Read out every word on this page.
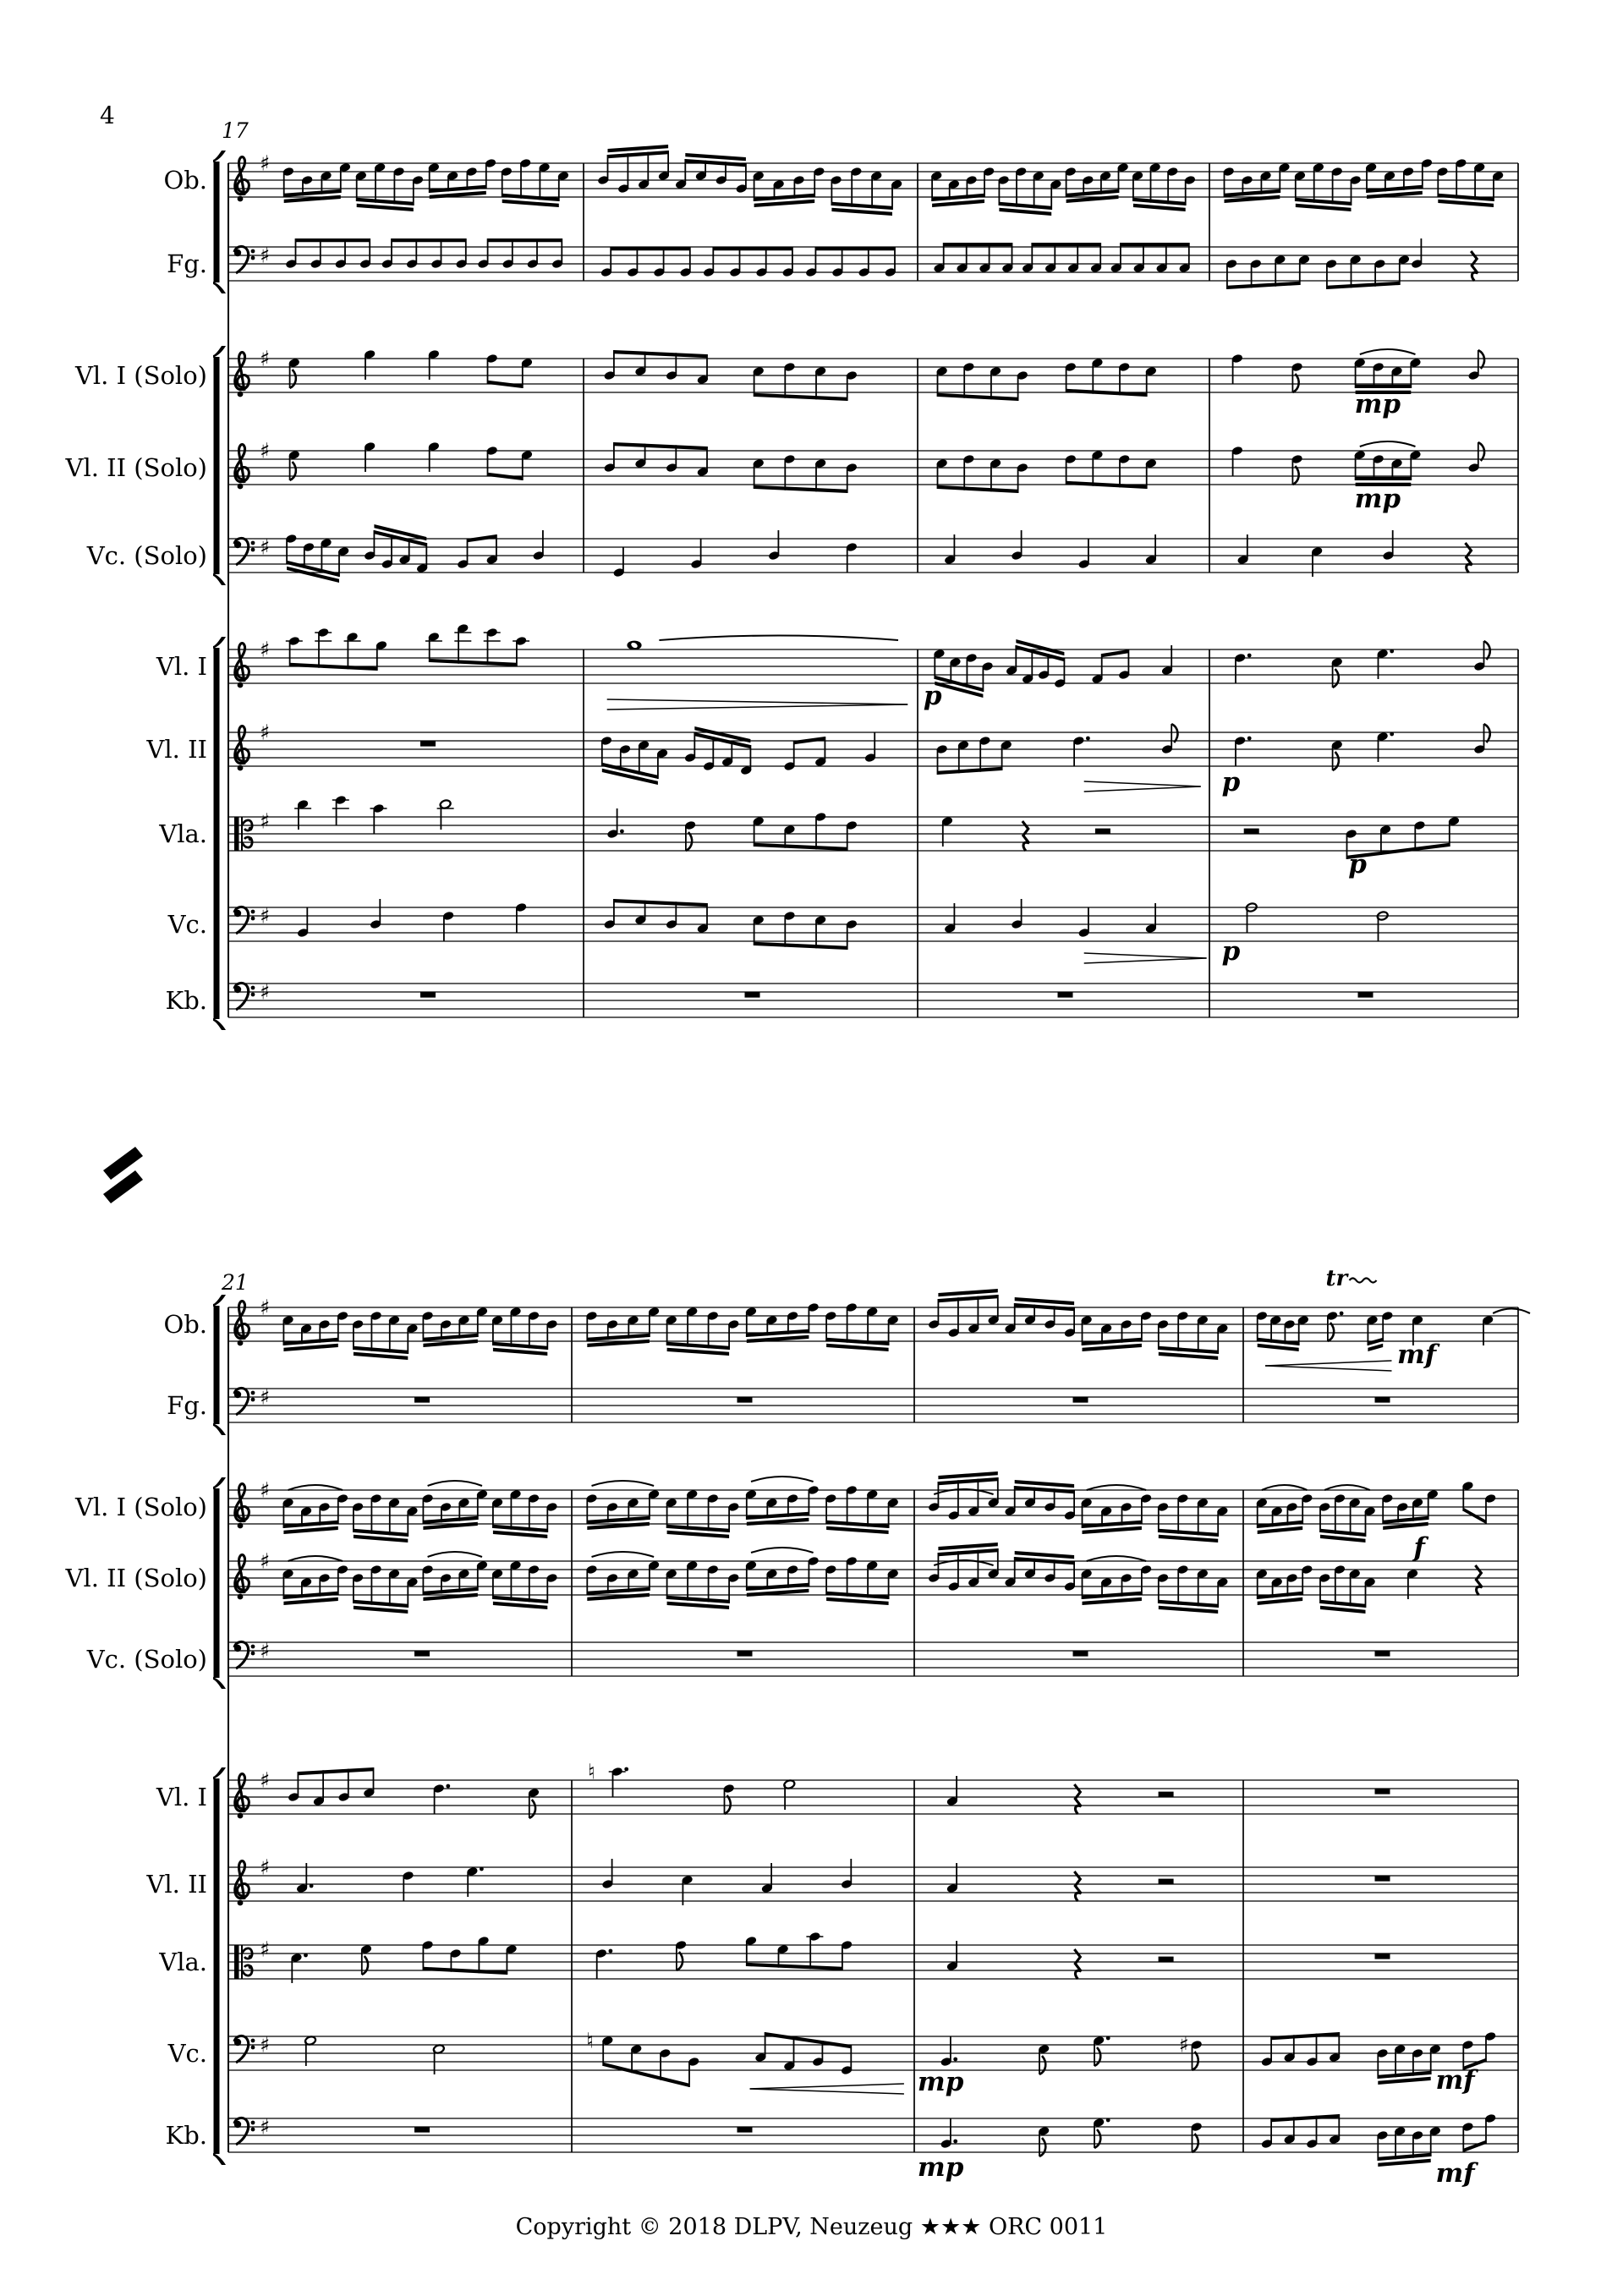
♯
♯
♯
♯
♯
♯
♯
♯
♯
♯
mp
mp
p
p
p
p
♯
♯
♯
♯
♯
♯
♯
♯
♯
♯
mf
tr
f
♮
♮	♯
mp	mf
mp	mf
4
17
21
Ob.
Fg.
Vl. I (Solo)
Vl. II (Solo)
Vc. (Solo)
Vl. I
Vl. II
Vla.
Vc.
Kb.
Ob.
Fg.
Vl. I (Solo)
Vl. II (Solo)
Vc. (Solo)
Vl. I
Vl. II
Vla.
Vc.
Kb.
Copyright © 2018 DLPV, Neuzeug ★★★ ORC 0011
